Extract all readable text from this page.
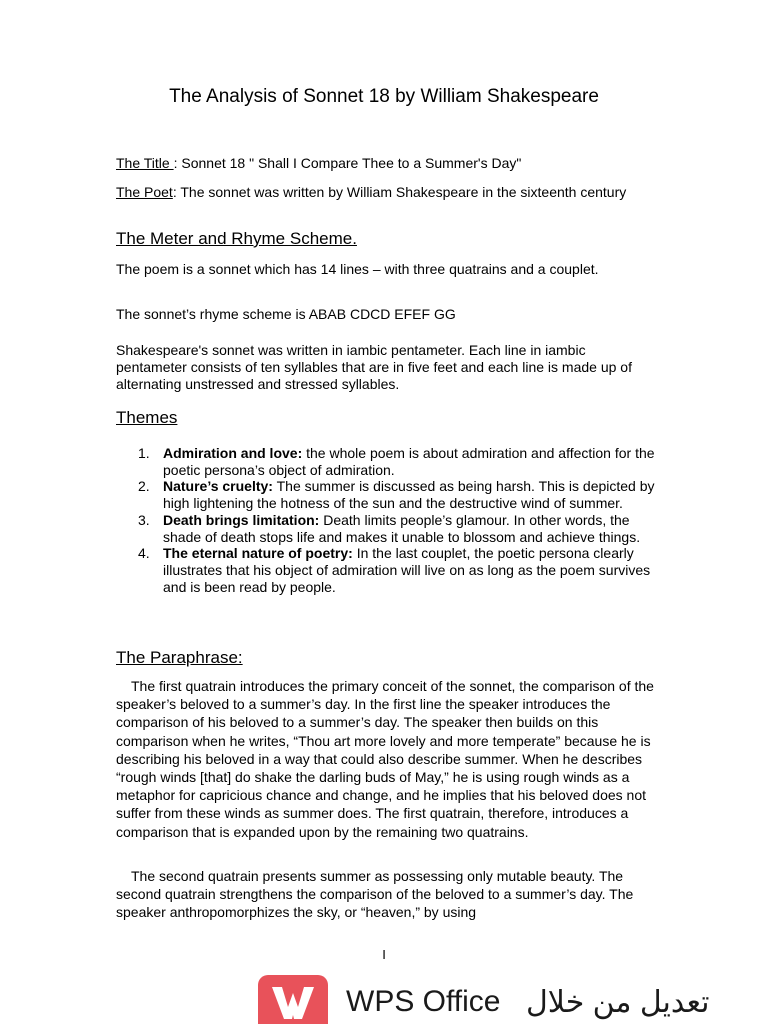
The Analysis of Sonnet 18 by William Shakespeare

The Title : Sonnet 18 " Shall I Compare Thee to a Summer's Day"

The Poet: The sonnet was written by William Shakespeare in the sixteenth century

The Meter and Rhyme Scheme.

The poem is a sonnet which has 14 lines – with three quatrains and a couplet.

The sonnet’s rhyme scheme is ABAB CDCD EFEF GG

Shakespeare's sonnet was written in iambic pentameter. Each line in iambic pentameter consists of ten syllables that are in five feet and each line is made up of alternating unstressed and stressed syllables.

Themes
1. Admiration and love: the whole poem is about admiration and affection for the poetic persona’s object of admiration.
2. Nature’s cruelty: The summer is discussed as being harsh. This is depicted by high lightening the hotness of the sun and the destructive wind of summer.
3. Death brings limitation: Death limits people’s glamour. In other words, the shade of death stops life and makes it unable to blossom and achieve things.
4. The eternal nature of poetry: In the last couplet, the poetic persona clearly illustrates that his object of admiration will live on as long as the poem survives and is been read by people.
The Paraphrase:

The first quatrain introduces the primary conceit of the sonnet, the comparison of the speaker’s beloved to a summer’s day. In the first line the speaker introduces the comparison of his beloved to a summer’s day. The speaker then builds on this comparison when he writes, “Thou art more lovely and more temperate” because he is describing his beloved in a way that could also describe summer. When he describes “rough winds [that] do shake the darling buds of May,” he is using rough winds as a metaphor for capricious chance and change, and he implies that his beloved does not suffer from these winds as summer does. The first quatrain, therefore, introduces a comparison that is expanded upon by the remaining two quatrains.

The second quatrain presents summer as possessing only mutable beauty. The second quatrain strengthens the comparison of the beloved to a summer’s day. The speaker anthropomorphizes the sky, or “heaven,” by using

I
WPS Office تعديل من خلال
